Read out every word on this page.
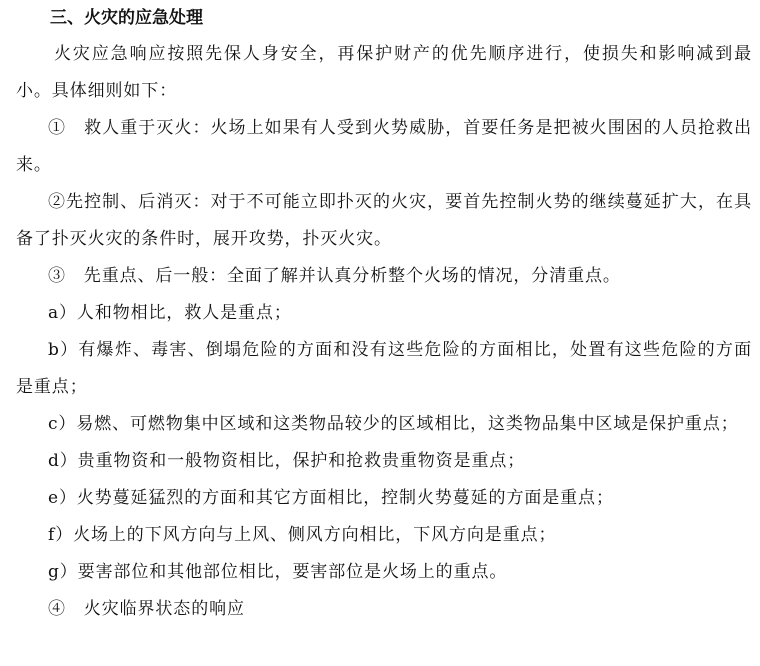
三、火灾的应急处理

火灾应急响应按照先保人身安全，再保护财产的优先顺序进行，使损失和影响减到最小。具体细则如下：

①　救人重于灭火：火场上如果有人受到火势威胁，首要任务是把被火围困的人员抢救出来。

②先控制、后消灭：对于不可能立即扑灭的火灾，要首先控制火势的继续蔓延扩大，在具备了扑灭火灾的条件时，展开攻势，扑灭火灾。

③　先重点、后一般：全面了解并认真分析整个火场的情况，分清重点。

a）人和物相比，救人是重点；

b）有爆炸、毒害、倒塌危险的方面和没有这些危险的方面相比，处置有这些危险的方面是重点；

c）易燃、可燃物集中区域和这类物品较少的区域相比，这类物品集中区域是保护重点；

d）贵重物资和一般物资相比，保护和抢救贵重物资是重点；

e）火势蔓延猛烈的方面和其它方面相比，控制火势蔓延的方面是重点；

f）火场上的下风方向与上风、侧风方向相比，下风方向是重点；

g）要害部位和其他部位相比，要害部位是火场上的重点。

④　火灾临界状态的响应
